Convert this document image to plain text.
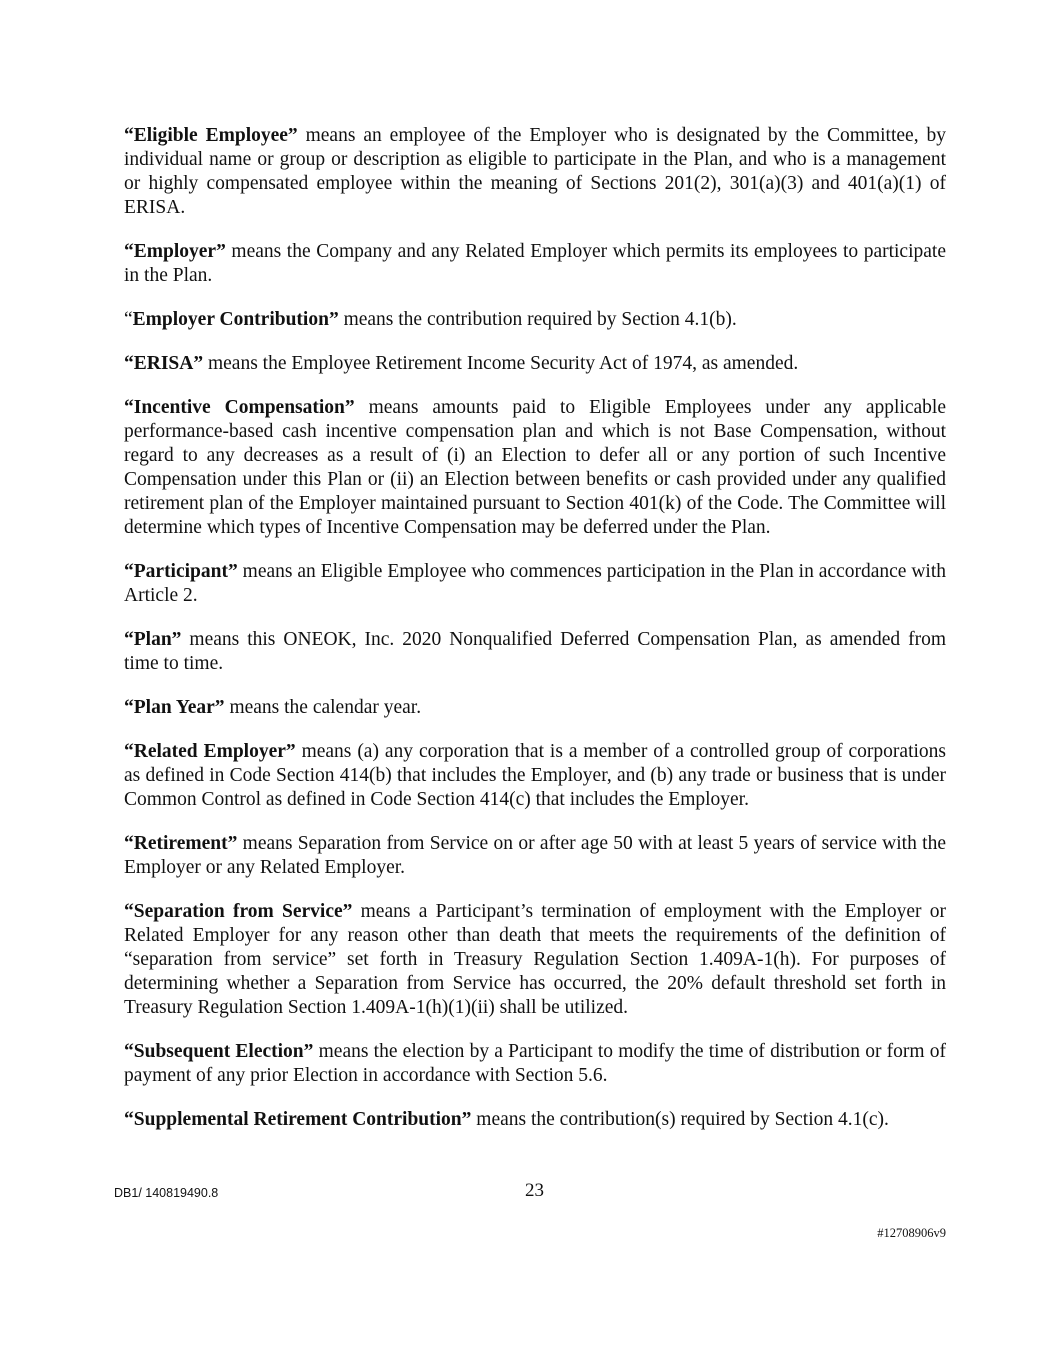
“Eligible Employee” means an employee of the Employer who is designated by the Committee, by individual name or group or description as eligible to participate in the Plan, and who is a management or highly compensated employee within the meaning of Sections 201(2), 301(a)(3) and 401(a)(1) of ERISA.

“Employer” means the Company and any Related Employer which permits its employees to participate in the Plan.

“Employer Contribution” means the contribution required by Section 4.1(b).

“ERISA” means the Employee Retirement Income Security Act of 1974, as amended.

“Incentive Compensation” means amounts paid to Eligible Employees under any applicable performance-based cash incentive compensation plan and which is not Base Compensation, without regard to any decreases as a result of (i) an Election to defer all or any portion of such Incentive Compensation under this Plan or (ii) an Election between benefits or cash provided under any qualified retirement plan of the Employer maintained pursuant to Section 401(k) of the Code. The Committee will determine which types of Incentive Compensation may be deferred under the Plan.

“Participant” means an Eligible Employee who commences participation in the Plan in accordance with Article 2.

“Plan” means this ONEOK, Inc. 2020 Nonqualified Deferred Compensation Plan, as amended from time to time.

“Plan Year” means the calendar year.

“Related Employer” means (a) any corporation that is a member of a controlled group of corporations as defined in Code Section 414(b) that includes the Employer, and (b) any trade or business that is under Common Control as defined in Code Section 414(c) that includes the Employer.

“Retirement” means Separation from Service on or after age 50 with at least 5 years of service with the Employer or any Related Employer.

“Separation from Service” means a Participant’s termination of employment with the Employer or Related Employer for any reason other than death that meets the requirements of the definition of “separation from service” set forth in Treasury Regulation Section 1.409A-1(h). For purposes of determining whether a Separation from Service has occurred, the 20% default threshold set forth in Treasury Regulation Section 1.409A-1(h)(1)(ii) shall be utilized.

“Subsequent Election” means the election by a Participant to modify the time of distribution or form of payment of any prior Election in accordance with Section 5.6.

“Supplemental Retirement Contribution” means the contribution(s) required by Section 4.1(c).

DB1/ 140819490.8	23
#12708906v9
